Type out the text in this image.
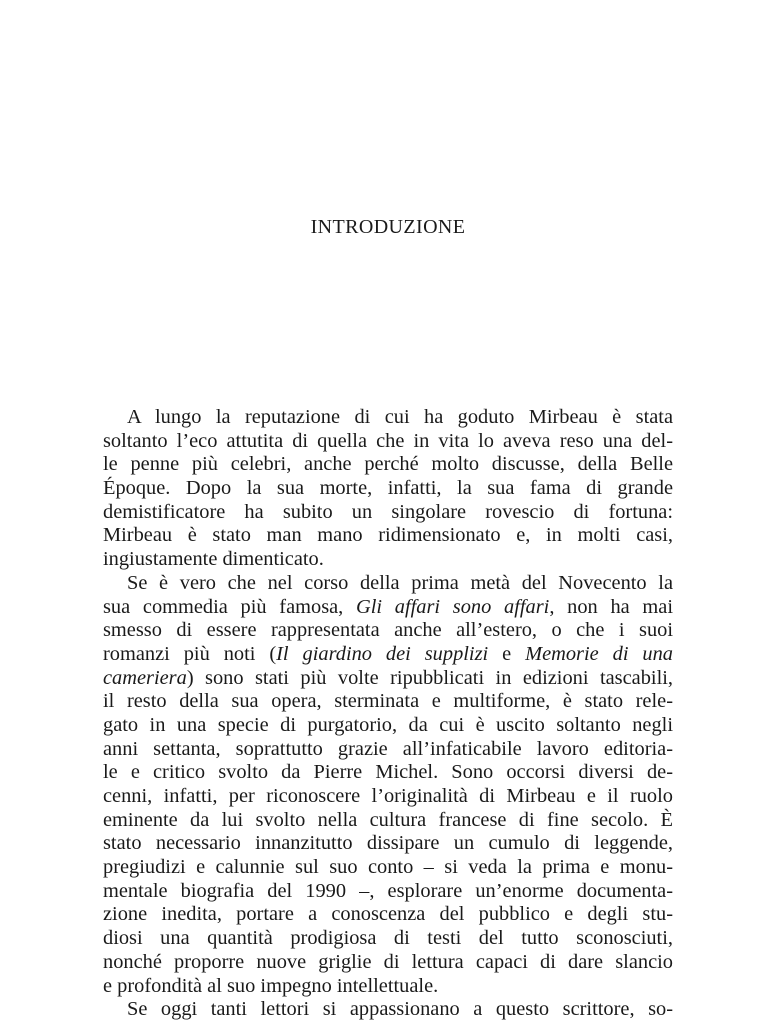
INTRODUZIONE
A lungo la reputazione di cui ha goduto Mirbeau è stata
soltanto l’eco attutita di quella che in vita lo aveva reso una del-
le penne più celebri, anche perché molto discusse, della Belle
Époque. Dopo la sua morte, infatti, la sua fama di grande
demistificatore ha subito un singolare rovescio di fortuna:
Mirbeau è stato man mano ridimensionato e, in molti casi,
ingiustamente dimenticato.
Se è vero che nel corso della prima metà del Novecento la
sua commedia più famosa, Gli affari sono affari, non ha mai
smesso di essere rappresentata anche all’estero, o che i suoi
romanzi più noti (Il giardino dei supplizi e Memorie di una
cameriera) sono stati più volte ripubblicati in edizioni tascabili,
il resto della sua opera, sterminata e multiforme, è stato rele-
gato in una specie di purgatorio, da cui è uscito soltanto negli
anni settanta, soprattutto grazie all’infaticabile lavoro editoria-
le e critico svolto da Pierre Michel. Sono occorsi diversi de-
cenni, infatti, per riconoscere l’originalità di Mirbeau e il ruolo
eminente da lui svolto nella cultura francese di fine secolo. È
stato necessario innanzitutto dissipare un cumulo di leggende,
pregiudizi e calunnie sul suo conto – si veda la prima e monu-
mentale biografia del 1990 –, esplorare un’enorme documenta-
zione inedita, portare a conoscenza del pubblico e degli stu-
diosi una quantità prodigiosa di testi del tutto sconosciuti,
nonché proporre nuove griglie di lettura capaci di dare slancio
e profondità al suo impegno intellettuale.
Se oggi tanti lettori si appassionano a questo scrittore, so-
